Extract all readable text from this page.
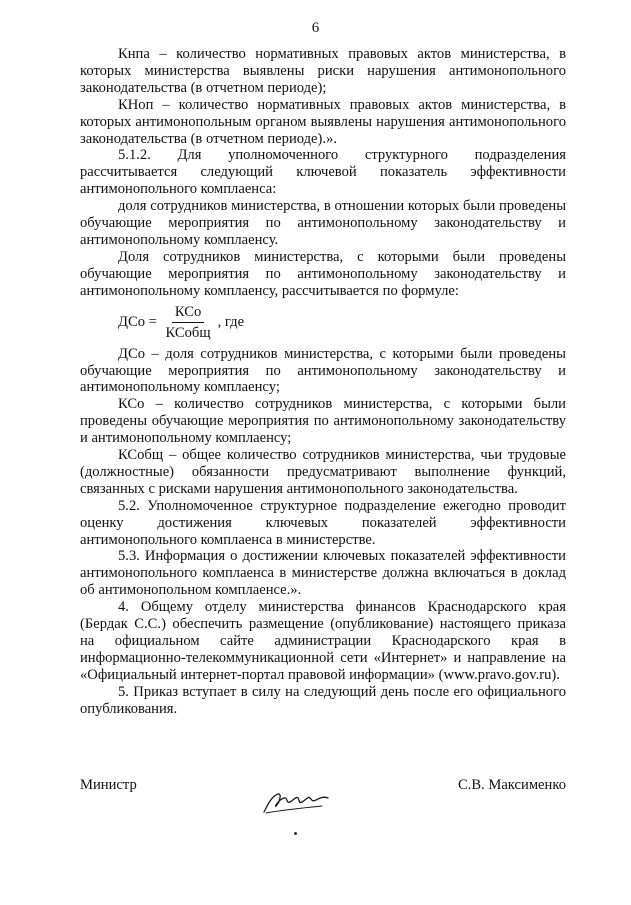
6

Кнпа – количество нормативных правовых актов министерства, в которых министерства выявлены риски нарушения антимонопольного законодательства (в отчетном периоде);

КНоп – количество нормативных правовых актов министерства, в которых антимонопольным органом выявлены нарушения антимонопольного законодательства (в отчетном периоде).».

5.1.2. Для уполномоченного структурного подразделения рассчитывается следующий ключевой показатель эффективности антимонопольного комплаенса:

доля сотрудников министерства, в отношении которых были проведены обучающие мероприятия по антимонопольному законодательству и антимонопольному комплаенсу.

Доля сотрудников министерства, с которыми были проведены обучающие мероприятия по антимонопольному законодательству и антимонопольному комплаенсу, рассчитывается по формуле:

ДСо = $\frac{\text{КСо}}{\text{КСобщ}}$ , где

ДСо – доля сотрудников министерства, с которыми были проведены обучающие мероприятия по антимонопольному законодательству и антимонопольному комплаенсу;

КСо – количество сотрудников министерства, с которыми были проведены обучающие мероприятия по антимонопольному законодательству и антимонопольному комплаенсу;

КСобщ – общее количество сотрудников министерства, чьи трудовые (должностные) обязанности предусматривают выполнение функций, связанных с рисками нарушения антимонопольного законодательства.

5.2. Уполномоченное структурное подразделение ежегодно проводит оценку достижения ключевых показателей эффективности антимонопольного комплаенса в министерстве.

5.3. Информация о достижении ключевых показателей эффективности антимонопольного комплаенса в министерстве должна включаться в доклад об антимонопольном комплаенсе.».

4. Общему отделу министерства финансов Краснодарского края (Бердак С.С.) обеспечить размещение (опубликование) настоящего приказа на официальном сайте администрации Краснодарского края в информационно-телекоммуникационной сети «Интернет» и направление на «Официальный интернет-портал правовой информации» (www.pravo.gov.ru).

5. Приказ вступает в силу на следующий день после его официального опубликования.

Министр	С.В. Максименко
